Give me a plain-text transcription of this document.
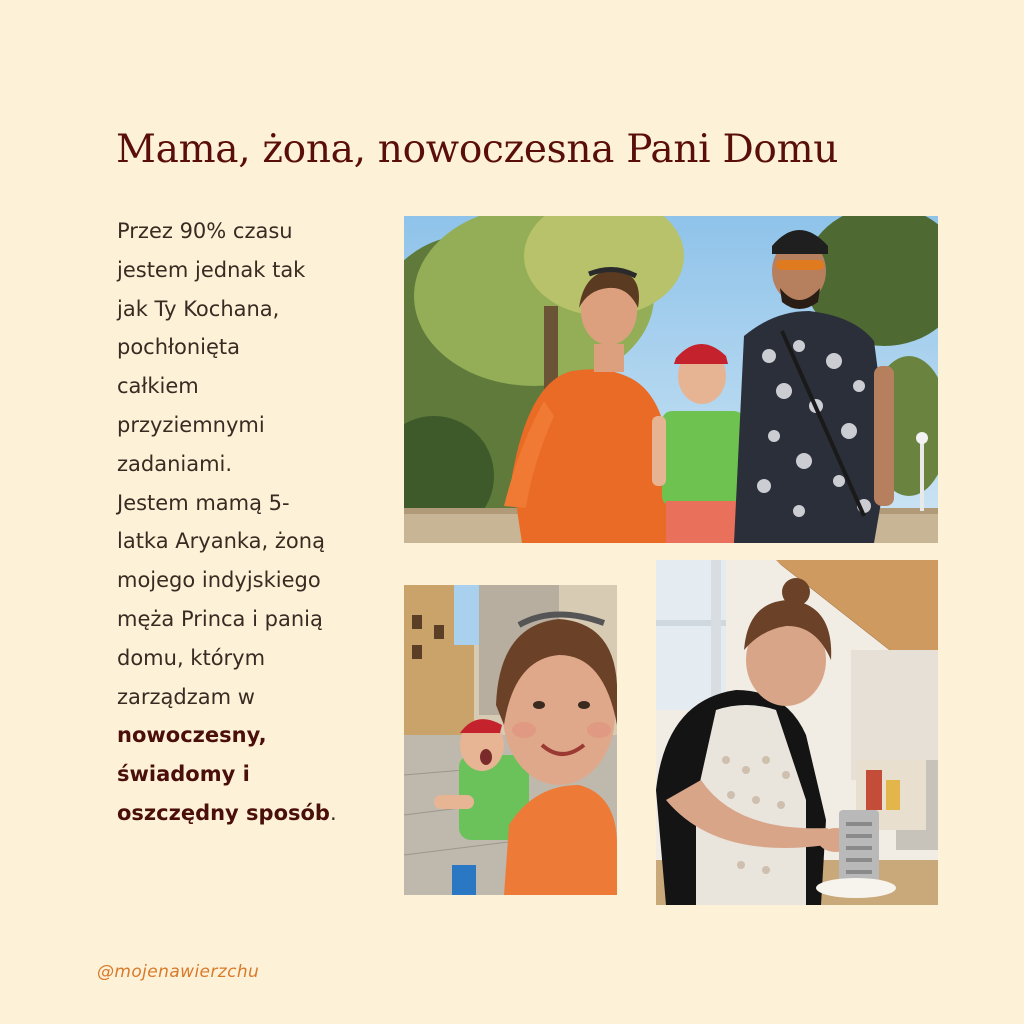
Mama, żona, nowoczesna Pani Domu
Przez 90% czasu
jestem jednak tak
jak Ty Kochana,
pochłonięta
całkiem
przyziemnymi
zadaniami.
Jestem mamą 5-
latka Aryanka, żoną
mojego indyjskiego
męża Princa i panią
domu, którym
zarządzam w
nowoczesny,
świadomy i
oszczędny sposób.
@mojenawierzchu
